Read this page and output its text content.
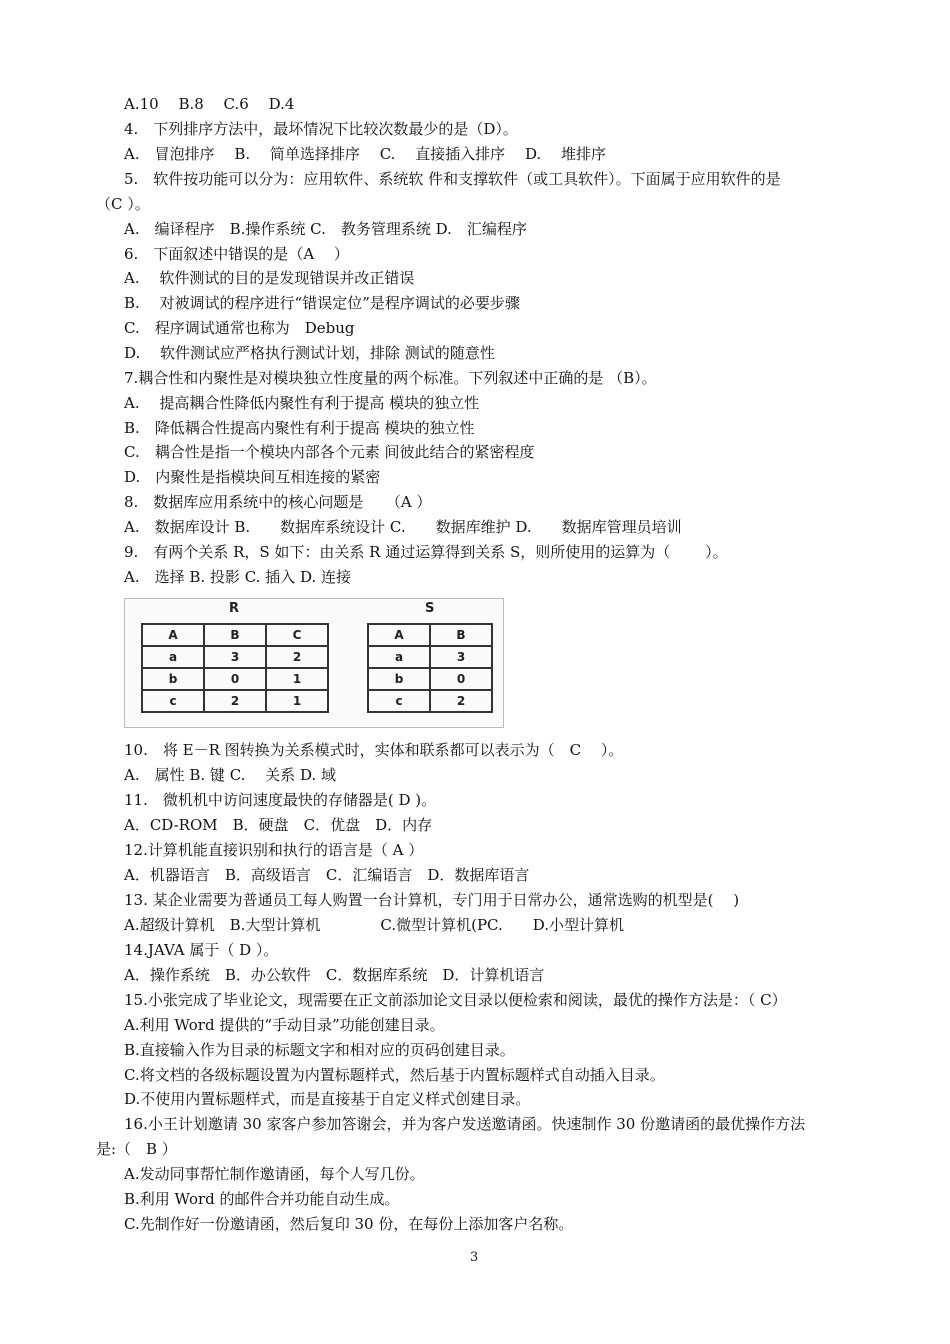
A.10　 B.8　 C.6　 D.4
4.　下列排序方法中，最坏情况下比较次数最少的是（D）。
A.　冒泡排序　 B.　 简单选择排序　 C.　 直接插入排序　 D.　 堆排序
5.　软件按功能可以分为：应用软件、系统软 件和支撑软件（或工具软件）。下面属于应用软件的是
（C ）。
A.　编译程序　B.操作系统 C.　教务管理系统 D.　汇编程序
6.　下面叙述中错误的是（A　 ）
A.　 软件测试的目的是发现错误并改正错误
B.　 对被调试的程序进行“错误定位”是程序调试的必要步骤
C.　程序调试通常也称为　Debug
D.　 软件测试应严格执行测试计划，排除 测试的随意性
7.耦合性和内聚性是对模块独立性度量的两个标准。下列叙述中正确的是 （B）。
A.　 提高耦合性降低内聚性有利于提高 模块的独立性
B.　降低耦合性提高内聚性有利于提高 模块的独立性
C.　耦合性是指一个模块内部各个元素 间彼此结合的紧密程度
D.　内聚性是指模块间互相连接的紧密
8.　数据库应用系统中的核心问题是　　（A ）
A.　数据库设计 B.　　数据库系统设计 C.　　数据库维护 D.　　数据库管理员培训
9.　有两个关系 R，S 如下：由关系 R 通过运算得到关系 S，则所使用的运算为（　　 ）。
A.　选择 B. 投影 C. 插入 D. 连接
R	S
A	B	C
a	3	2
b	0	1
c	2	1
A	B
a	3
b	0
c	2
10.　将 E－R 图转换为关系模式时，实体和联系都可以表示为（　C　 ）。
A.　属性 B. 键 C.　 关系 D. 域
11.　微机机中访问速度最快的存储器是( D )。
A．CD-ROM　B．硬盘　C．优盘　D．内存
12.计算机能直接识别和执行的语言是（ A ）
A．机器语言　B．高级语言　C．汇编语言　D．数据库语言
13. 某企业需要为普通员工每人购置一台计算机，专门用于日常办公，通常选购的机型是(　 )
A.超级计算机　B.大型计算机　　　　C.微型计算机(PC.　　D.小型计算机
14.JAVA 属于（ D ）。
A．操作系统　B．办公软件　C．数据库系统　D．计算机语言
15.小张完成了毕业论文，现需要在正文前添加论文目录以便检索和阅读，最优的操作方法是：（ C）
A.利用 Word 提供的“手动目录”功能创建目录。
B.直接输入作为目录的标题文字和相对应的页码创建目录。
C.将文档的各级标题设置为内置标题样式，然后基于内置标题样式自动插入目录。
D.不使用内置标题样式，而是直接基于自定义样式创建目录。
16.小王计划邀请 30 家客户参加答谢会，并为客户发送邀请函。快速制作 30 份邀请函的最优操作方法
是:（　B ）
A.发动同事帮忙制作邀请函，每个人写几份。
B.利用 Word 的邮件合并功能自动生成。
C.先制作好一份邀请函，然后复印 30 份，在每份上添加客户名称。
3
